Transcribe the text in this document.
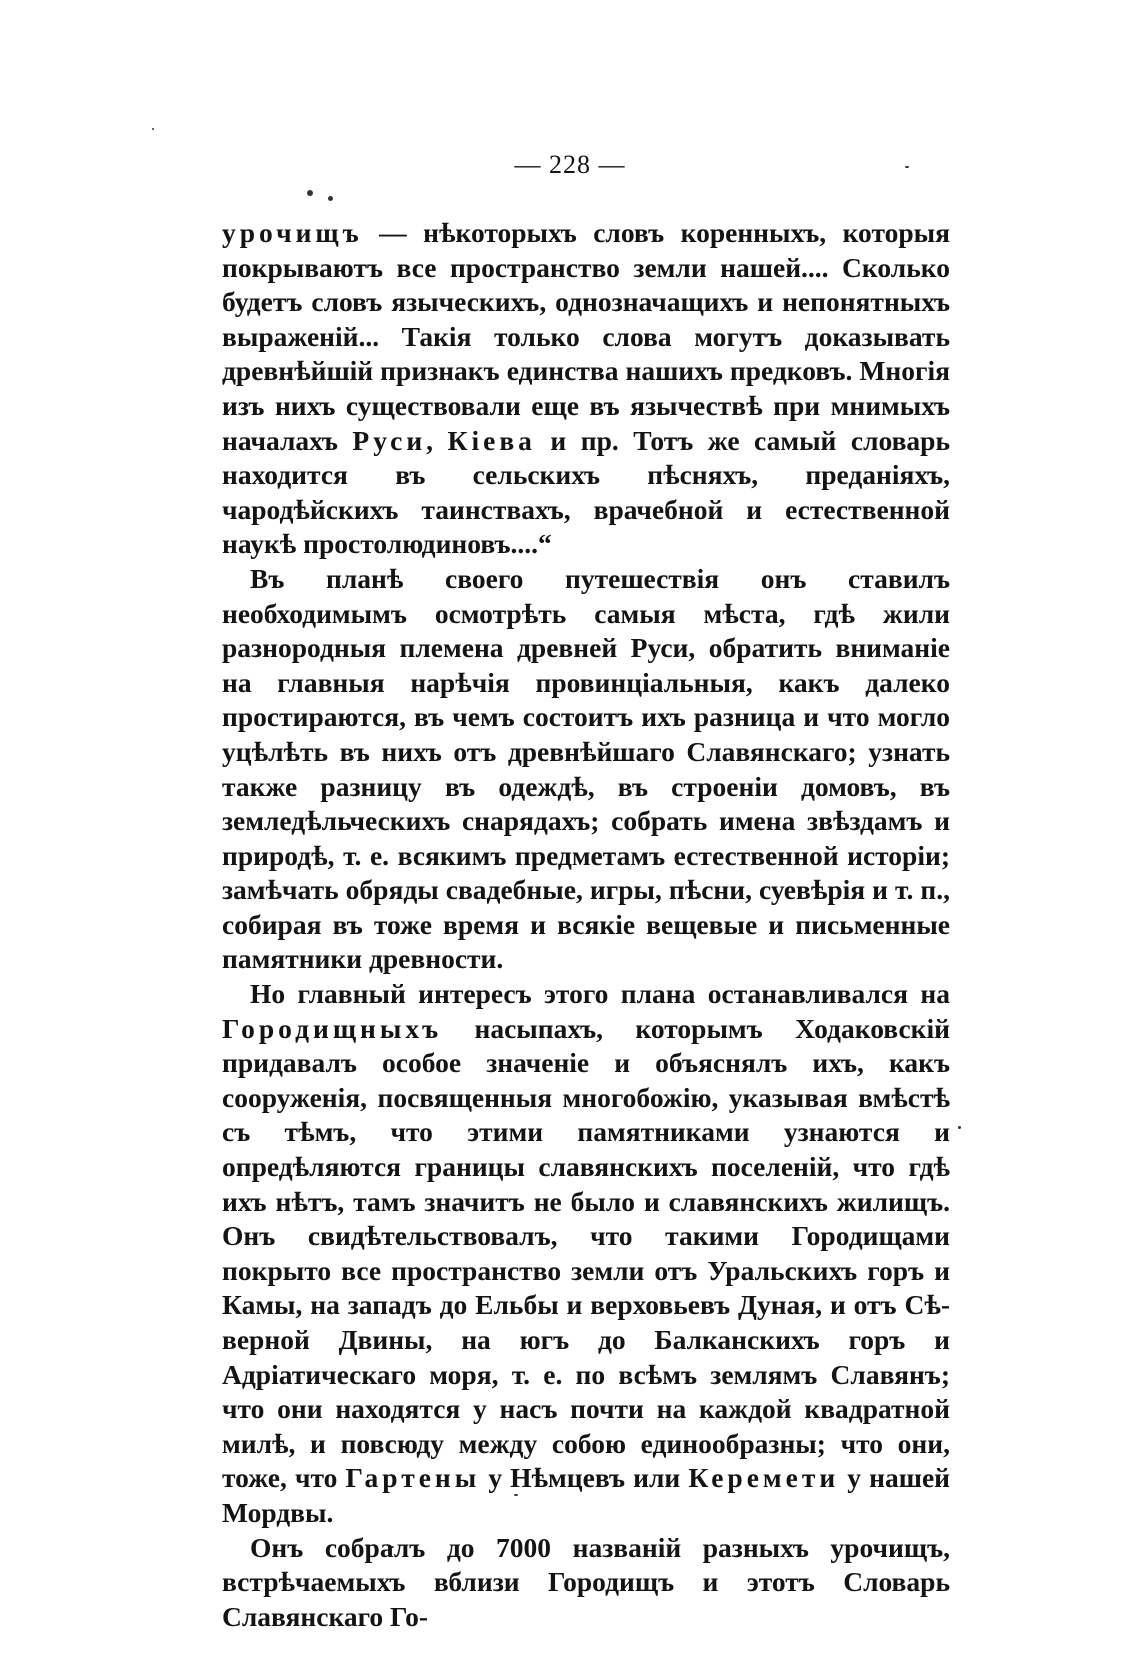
— 228 —

урочищъ — нѣкоторыхъ словъ коренныхъ, которыя покрываютъ все пространство земли нашей.... Сколько будетъ словъ языческихъ, однозначащихъ и непонятныхъ выраженій... Такія только слова могутъ доказывать древнѣйшій признакъ единства нашихъ предковъ. Многія изъ нихъ существовали еще въ язычествѣ при мнимыхъ началахъ Руси, Кіева и пр. Тотъ же самый словарь находится въ сельскихъ пѣсняхъ, преданіяхъ, чародѣйскихъ таинствахъ, врачебной и естественной наукѣ простолюдиновъ....“

Въ планѣ своего путешествія онъ ставилъ необходимымъ осмотрѣть самыя мѣста, гдѣ жили разнородныя племена древней Руси, обратить вниманіе на главныя нарѣчія провинціальныя, какъ далеко простираются, въ чемъ состоитъ ихъ разница и что могло уцѣлѣть въ нихъ отъ древнѣйшаго Славянскаго; узнать также разницу въ одеждѣ, въ строеніи домовъ, въ земледѣльческихъ снарядахъ; собрать имена звѣздамъ и природѣ, т. е. всякимъ предметамъ естественной исторіи; замѣчать обряды свадебные, игры, пѣсни, суевѣрія и т. п., собирая въ тоже время и всякіе вещевые и письменные памятники древности.

Но главный интересъ этого плана останавливался на Городищныхъ насыпахъ, которымъ Ходаковскій придавалъ особое значеніе и объяснялъ ихъ, какъ сооруженія, посвященныя многобожію, указывая вмѣстѣ съ тѣмъ, что этими памятниками узнаются и опредѣляются границы славянскихъ поселеній, что гдѣ ихъ нѣтъ, тамъ значитъ не было и славянскихъ жилищъ. Онъ свидѣтельствовалъ, что такими Городищами покрыто все пространство земли отъ Уральскихъ горъ и Камы, на западъ до Ельбы и верховьевъ Дуная, и отъ Сѣверной Двины, на югъ до Балканскихъ горъ и Адріатическаго моря, т. е. по всѣмъ землямъ Славянъ; что они находятся у насъ почти на каждой квадратной милѣ, и повсюду между собою единообразны; что они, тоже, что Гартены у Нѣмцевъ или Керемети у нашей Мордвы.

Онъ собралъ до 7000 названій разныхъ урочищъ, встрѣчаемыхъ вблизи Городищъ и этотъ Словарь Славянскаго Го-
